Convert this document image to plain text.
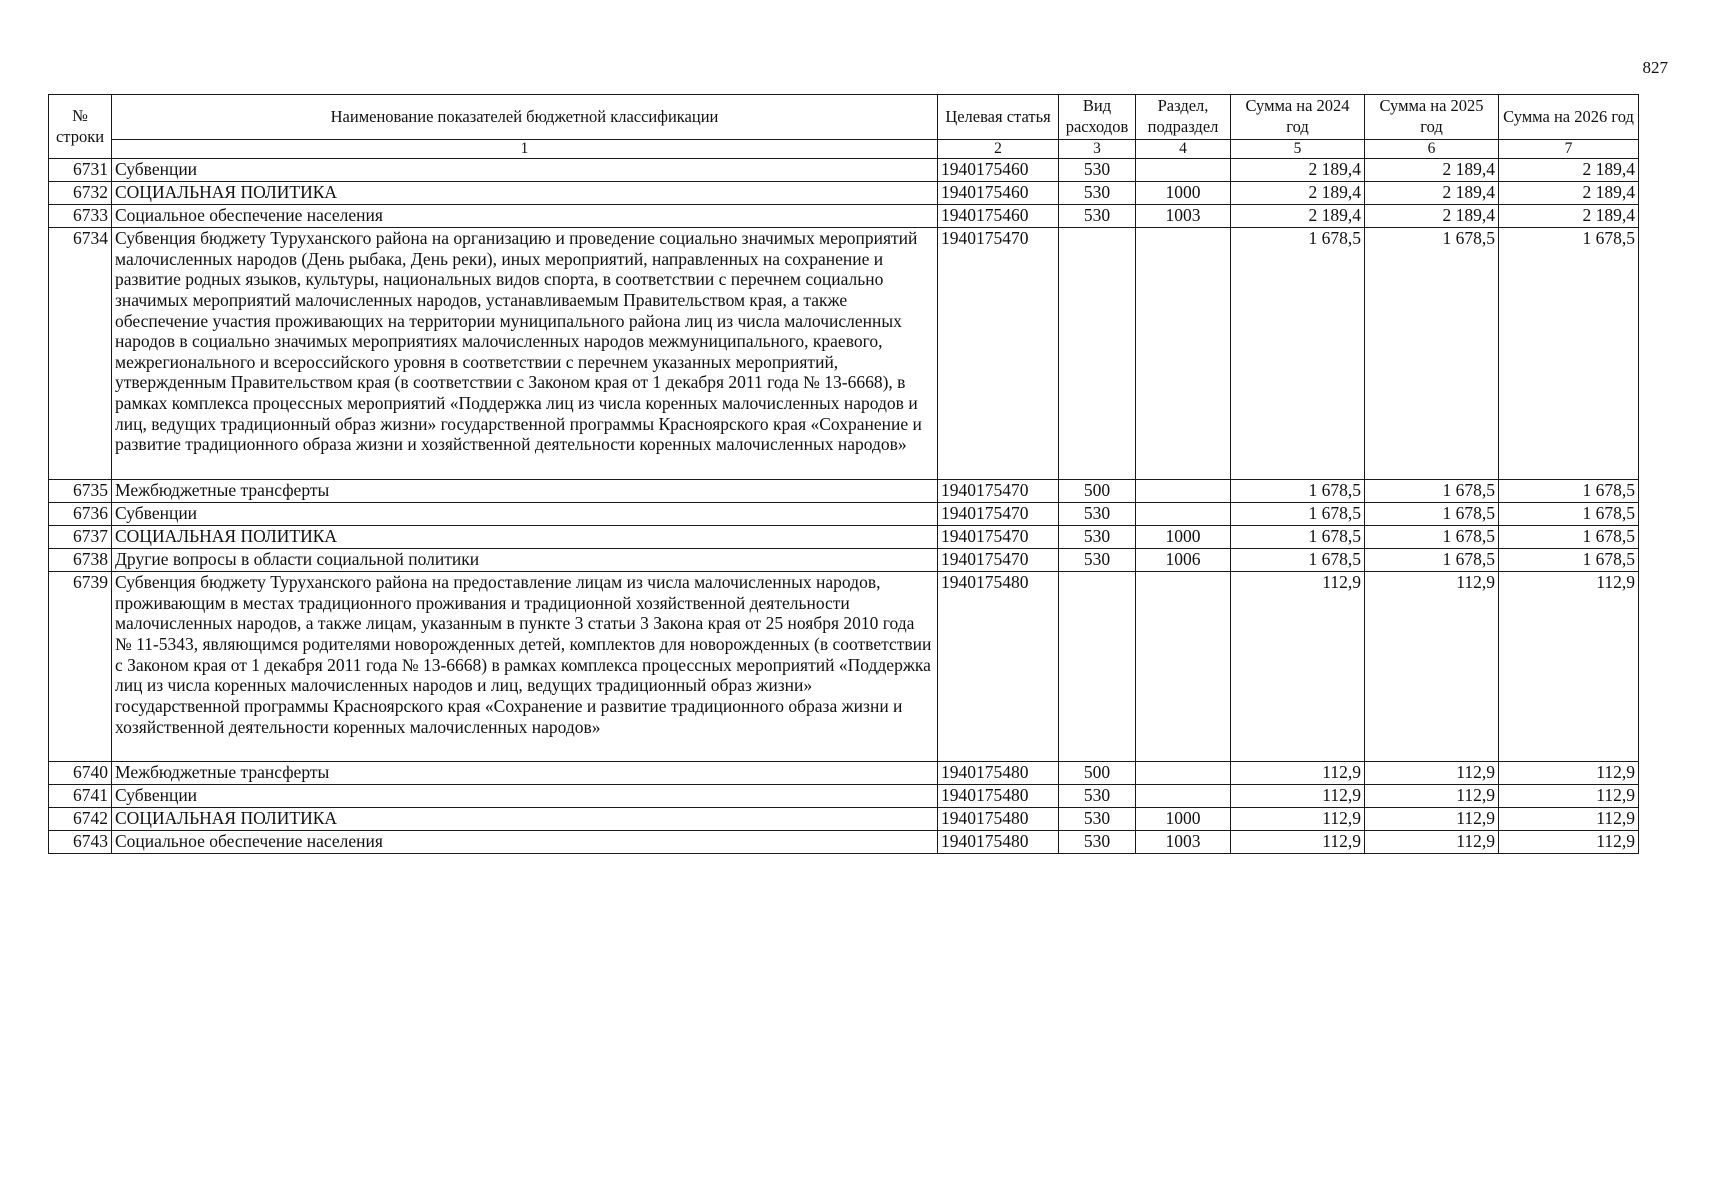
827
№ строки	Наименование показателей бюджетной классификации	Целевая статья	Вид расходов	Раздел, подраздел	Сумма на 2024 год	Сумма на 2025 год	Сумма на 2026 год
	1	2	3	4	5	6	7
6731	Субвенции	1940175460	530		2 189,4	2 189,4	2 189,4
6732	СОЦИАЛЬНАЯ ПОЛИТИКА	1940175460	530	1000	2 189,4	2 189,4	2 189,4
6733	Социальное обеспечение населения	1940175460	530	1003	2 189,4	2 189,4	2 189,4
6734	Субвенция бюджету Туруханского района на организацию и проведение социально значимых мероприятий малочисленных народов (День рыбака, День реки), иных мероприятий, направленных на сохранение и развитие родных языков, культуры, национальных видов спорта, в соответствии с перечнем социально значимых мероприятий малочисленных народов, устанавливаемым Правительством края, а также обеспечение участия проживающих на территории муниципального района лиц из числа малочисленных народов в социально значимых мероприятиях малочисленных народов межмуниципального, краевого, межрегионального и всероссийского уровня в соответствии с перечнем указанных мероприятий, утвержденным Правительством края (в соответствии с Законом края от 1 декабря 2011 года № 13-6668), в рамках комплекса процессных мероприятий «Поддержка лиц из числа коренных малочисленных народов и лиц, ведущих традиционный образ жизни» государственной программы Красноярского края «Сохранение и развитие традиционного образа жизни и хозяйственной деятельности коренных малочисленных народов»	1940175470			1 678,5	1 678,5	1 678,5
6735	Межбюджетные трансферты	1940175470	500		1 678,5	1 678,5	1 678,5
6736	Субвенции	1940175470	530		1 678,5	1 678,5	1 678,5
6737	СОЦИАЛЬНАЯ ПОЛИТИКА	1940175470	530	1000	1 678,5	1 678,5	1 678,5
6738	Другие вопросы в области социальной политики	1940175470	530	1006	1 678,5	1 678,5	1 678,5
6739	Субвенция бюджету Туруханского района на предоставление лицам из числа малочисленных народов, проживающим в местах традиционного проживания и традиционной хозяйственной деятельности малочисленных народов, а также лицам, указанным в пункте 3 статьи 3 Закона края от 25 ноября 2010 года № 11-5343, являющимся родителями новорожденных детей, комплектов для новорожденных (в соответствии с Законом края от 1 декабря 2011 года № 13-6668) в рамках комплекса процессных мероприятий «Поддержка лиц из числа коренных малочисленных народов и лиц, ведущих традиционный образ жизни» государственной программы Красноярского края «Сохранение и развитие традиционного образа жизни и хозяйственной деятельности коренных малочисленных народов»	1940175480			112,9	112,9	112,9
6740	Межбюджетные трансферты	1940175480	500		112,9	112,9	112,9
6741	Субвенции	1940175480	530		112,9	112,9	112,9
6742	СОЦИАЛЬНАЯ ПОЛИТИКА	1940175480	530	1000	112,9	112,9	112,9
6743	Социальное обеспечение населения	1940175480	530	1003	112,9	112,9	112,9
